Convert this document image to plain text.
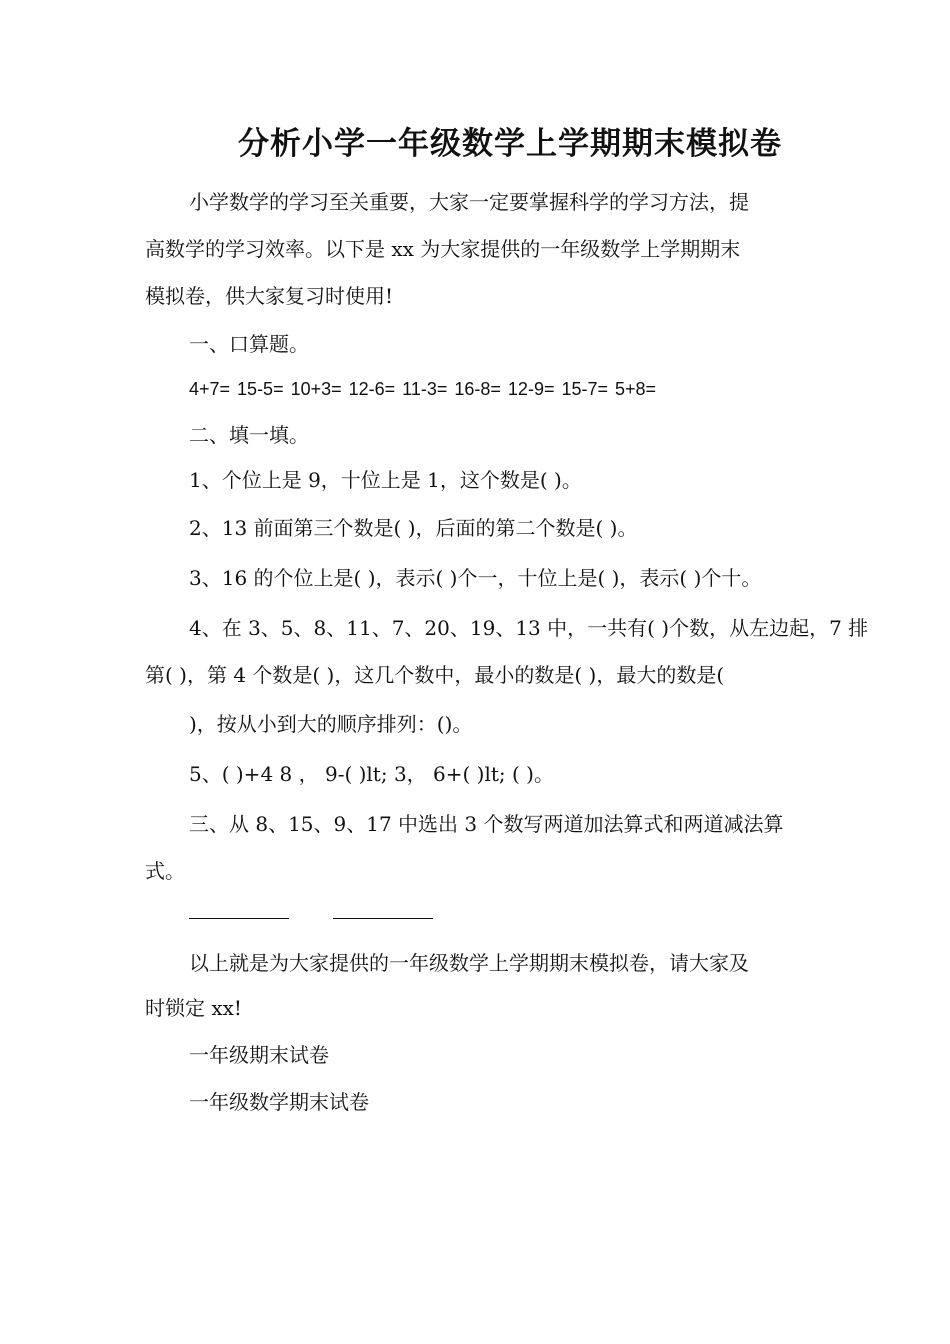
分析小学一年级数学上学期期末模拟卷
小学数学的学习至关重要，大家一定要掌握科学的学习方法，提
高数学的学习效率。以下是 xx 为大家提供的一年级数学上学期期末
模拟卷，供大家复习时使用!
一、口算题。
4+7= 15-5= 10+3= 12-6= 11-3= 16-8= 12-9= 15-7= 5+8=
二、填一填。
1、个位上是 9，十位上是 1，这个数是( )。
2、13 前面第三个数是( )，后面的第二个数是( )。
3、16 的个位上是( )，表示( )个一，十位上是( )，表示( )个十。
4、在 3、5、8、11、7、20、19、13 中，一共有( )个数，从左边起，7 排
第( )，第 4 个数是( )，这几个数中，最小的数是( )，最大的数是(
)，按从小到大的顺序排列：()。
5、( )+4 8 ， 9-( )lt; 3， 6+( )lt; ( )。
三、从 8、15、9、17 中选出 3 个数写两道加法算式和两道减法算
式。
以上就是为大家提供的一年级数学上学期期末模拟卷，请大家及
时锁定 xx!
一年级期末试卷
一年级数学期末试卷
